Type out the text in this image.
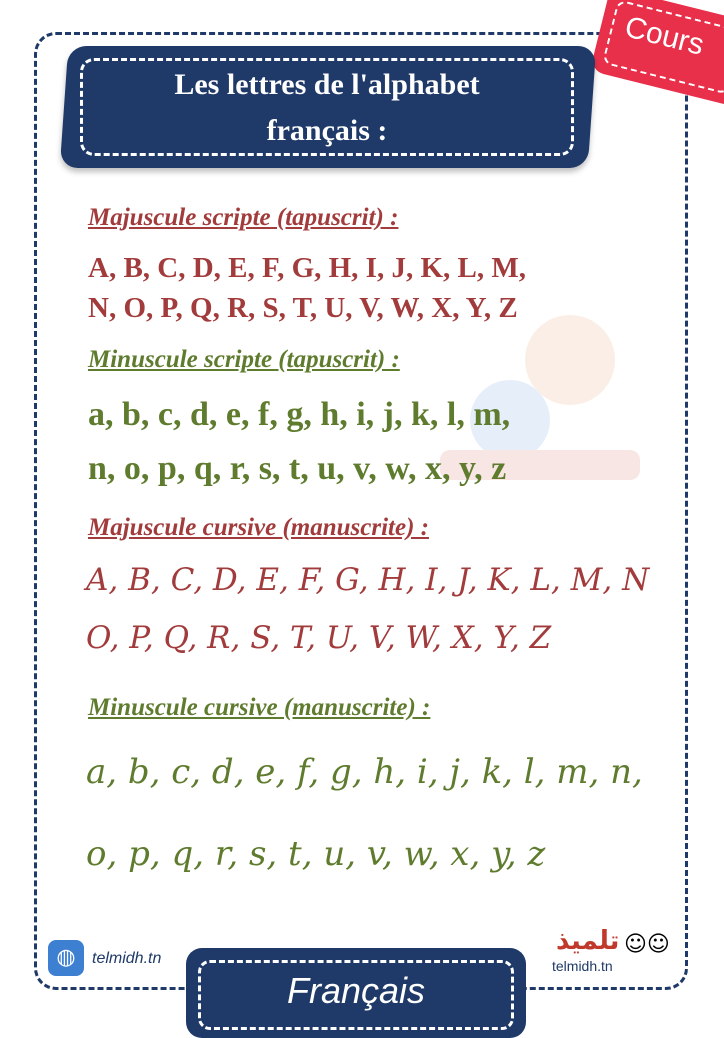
Cours
Les lettres de l'alphabet
français :
Majuscule scripte (tapuscrit) :
A, B, C, D, E, F, G, H, I, J, K, L, M,
N, O, P, Q, R, S, T, U, V, W, X, Y, Z
Minuscule scripte (tapuscrit) :
a, b, c, d, e, f, g, h, i, j, k, l, m,
n, o, p, q, r, s, t, u, v, w, x, y, z
Majuscule cursive (manuscrite) :
A, B, C, D, E, F, G, H, I, J, K, L, M, N
O, P, Q, R, S, T, U, V, W, X, Y, Z
Minuscule cursive (manuscrite) :
a, b, c, d, e, f, g, h, i, j, k, l, m, n,
o, p, q, r, s, t, u, v, w, x, y, z
◍	telmidh.tn
تلميذ
telmidh.tn
☺☺
Français
